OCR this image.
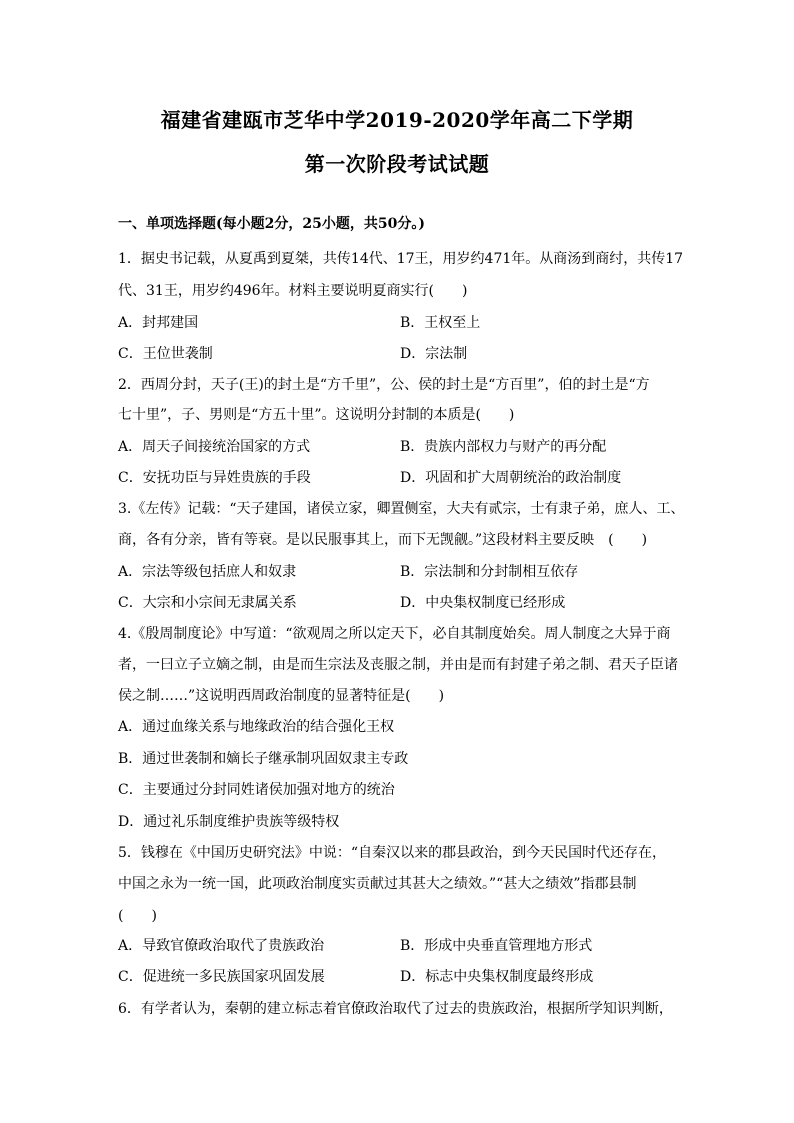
福建省建瓯市芝华中学2019-2020学年高二下学期
第一次阶段考试试题
一、单项选择题(每小题2分，25小题，共50分。)
1．据史书记载，从夏禹到夏桀，共传14代、17王，用岁约471年。从商汤到商纣，共传17
代、31王，用岁约496年。材料主要说明夏商实行(　　)
A．封邦建国	B．王权至上
C．王位世袭制	D．宗法制
2．西周分封，天子(王)的封土是“方千里”，公、侯的封土是“方百里”，伯的封土是“方
七十里”，子、男则是“方五十里”。这说明分封制的本质是(　　)
A．周天子间接统治国家的方式	B．贵族内部权力与财产的再分配
C．安抚功臣与异姓贵族的手段	D．巩固和扩大周朝统治的政治制度
3.《左传》记载：“天子建国，诸侯立家，卿置侧室，大夫有贰宗，士有隶子弟，庶人、工、
商，各有分亲，皆有等衰。是以民服事其上，而下无觊觎。”这段材料主要反映　(　　)
A．宗法等级包括庶人和奴隶	B．宗法制和分封制相互依存
C．大宗和小宗间无隶属关系	D．中央集权制度已经形成
4.《殷周制度论》中写道：“欲观周之所以定天下，必自其制度始矣。周人制度之大异于商
者，一曰立子立嫡之制，由是而生宗法及丧服之制，并由是而有封建子弟之制、君天子臣诸
侯之制……”这说明西周政治制度的显著特征是(　　)
A．通过血缘关系与地缘政治的结合强化王权
B．通过世袭制和嫡长子继承制巩固奴隶主专政
C．主要通过分封同姓诸侯加强对地方的统治
D．通过礼乐制度维护贵族等级特权
5．钱穆在《中国历史研究法》中说：“自秦汉以来的郡县政治，到今天民国时代还存在，
中国之永为一统一国，此项政治制度实贡献过其甚大之绩效。”“甚大之绩效”指郡县制
(　　)
A．导致官僚政治取代了贵族政治	B．形成中央垂直管理地方形式
C．促进统一多民族国家巩固发展	D．标志中央集权制度最终形成
6．有学者认为，秦朝的建立标志着官僚政治取代了过去的贵族政治，根据所学知识判断，
